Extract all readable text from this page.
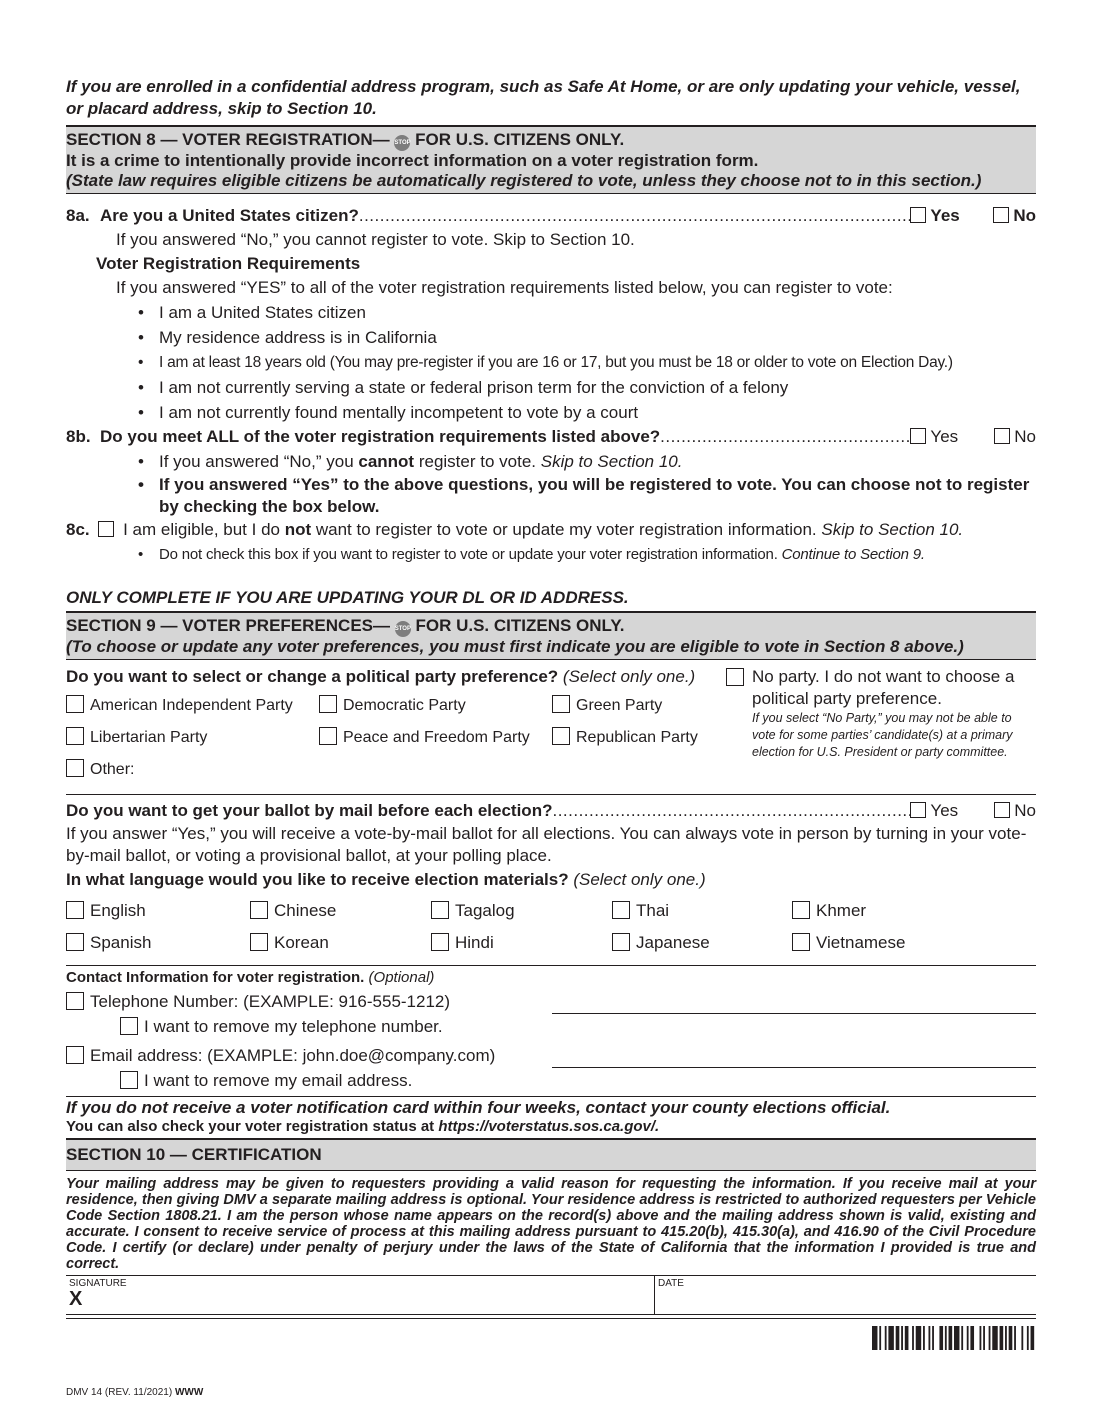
If you are enrolled in a confidential address program, such as Safe At Home, or are only updating your vehicle, vessel, or placard address, skip to Section 10.
SECTION 8 — VOTER REGISTRATION— STOP FOR U.S. CITIZENS ONLY.
It is a crime to intentionally provide incorrect information on a voter registration form.
(State law requires eligible citizens be automatically registered to vote, unless they choose not to in this section.)
8a. Are you a United States citizen? .....	Yes	No
If you answered “No,” you cannot register to vote. Skip to Section 10.
Voter Registration Requirements
If you answered “YES” to all of the voter registration requirements listed below, you can register to vote:
• I am a United States citizen
• My residence address is in California
• I am at least 18 years old (You may pre-register if you are 16 or 17, but you must be 18 or older to vote on Election Day.)
• I am not currently serving a state or federal prison term for the conviction of a felony
• I am not currently found mentally incompetent to vote by a court
8b. Do you meet ALL of the voter registration requirements listed above? .....	Yes	No
• If you answered “No,” you cannot register to vote. Skip to Section 10.
• If you answered “Yes” to the above questions, you will be registered to vote. You can choose not to register by checking the box below.
8c. I am eligible, but I do not want to register to vote or update my voter registration information. Skip to Section 10.
• Do not check this box if you want to register to vote or update your voter registration information. Continue to Section 9.
ONLY COMPLETE IF YOU ARE UPDATING YOUR DL OR ID ADDRESS.
SECTION 9 — VOTER PREFERENCES— STOP FOR U.S. CITIZENS ONLY.
(To choose or update any voter preferences, you must first indicate you are eligible to vote in Section 8 above.)
Do you want to select or change a political party preference? (Select only one.)
American Independent Party	Democratic Party	Green Party
Libertarian Party	Peace and Freedom Party	Republican Party
Other:
No party. I do not want to choose a political party preference.
If you select “No Party,” you may not be able to vote for some parties’ candidate(s) at a primary election for U.S. President or party committee.
Do you want to get your ballot by mail before each election? .....	Yes	No
If you answer “Yes,” you will receive a vote-by-mail ballot for all elections. You can always vote in person by turning in your vote-by-mail ballot, or voting a provisional ballot, at your polling place.
In what language would you like to receive election materials? (Select only one.)
English	Chinese	Tagalog	Thai	Khmer
Spanish	Korean	Hindi	Japanese	Vietnamese
Contact Information for voter registration. (Optional)
Telephone Number: (EXAMPLE: 916-555-1212)
I want to remove my telephone number.
Email address: (EXAMPLE: john.doe@company.com)
I want to remove my email address.
If you do not receive a voter notification card within four weeks, contact your county elections official.
You can also check your voter registration status at https://voterstatus.sos.ca.gov/.
SECTION 10 — CERTIFICATION
Your mailing address may be given to requesters providing a valid reason for requesting the information. If you receive mail at your residence, then giving DMV a separate mailing address is optional. Your residence address is restricted to authorized requesters per Vehicle Code Section 1808.21. I am the person whose name appears on the record(s) above and the mailing address shown is valid, existing and accurate. I consent to receive service of process at this mailing address pursuant to 415.20(b), 415.30(a), and 416.90 of the Civil Procedure Code. I certify (or declare) under penalty of perjury under the laws of the State of California that the information I provided is true and correct.
SIGNATURE
X
DATE
DMV 14 (REV. 11/2021) WWW
